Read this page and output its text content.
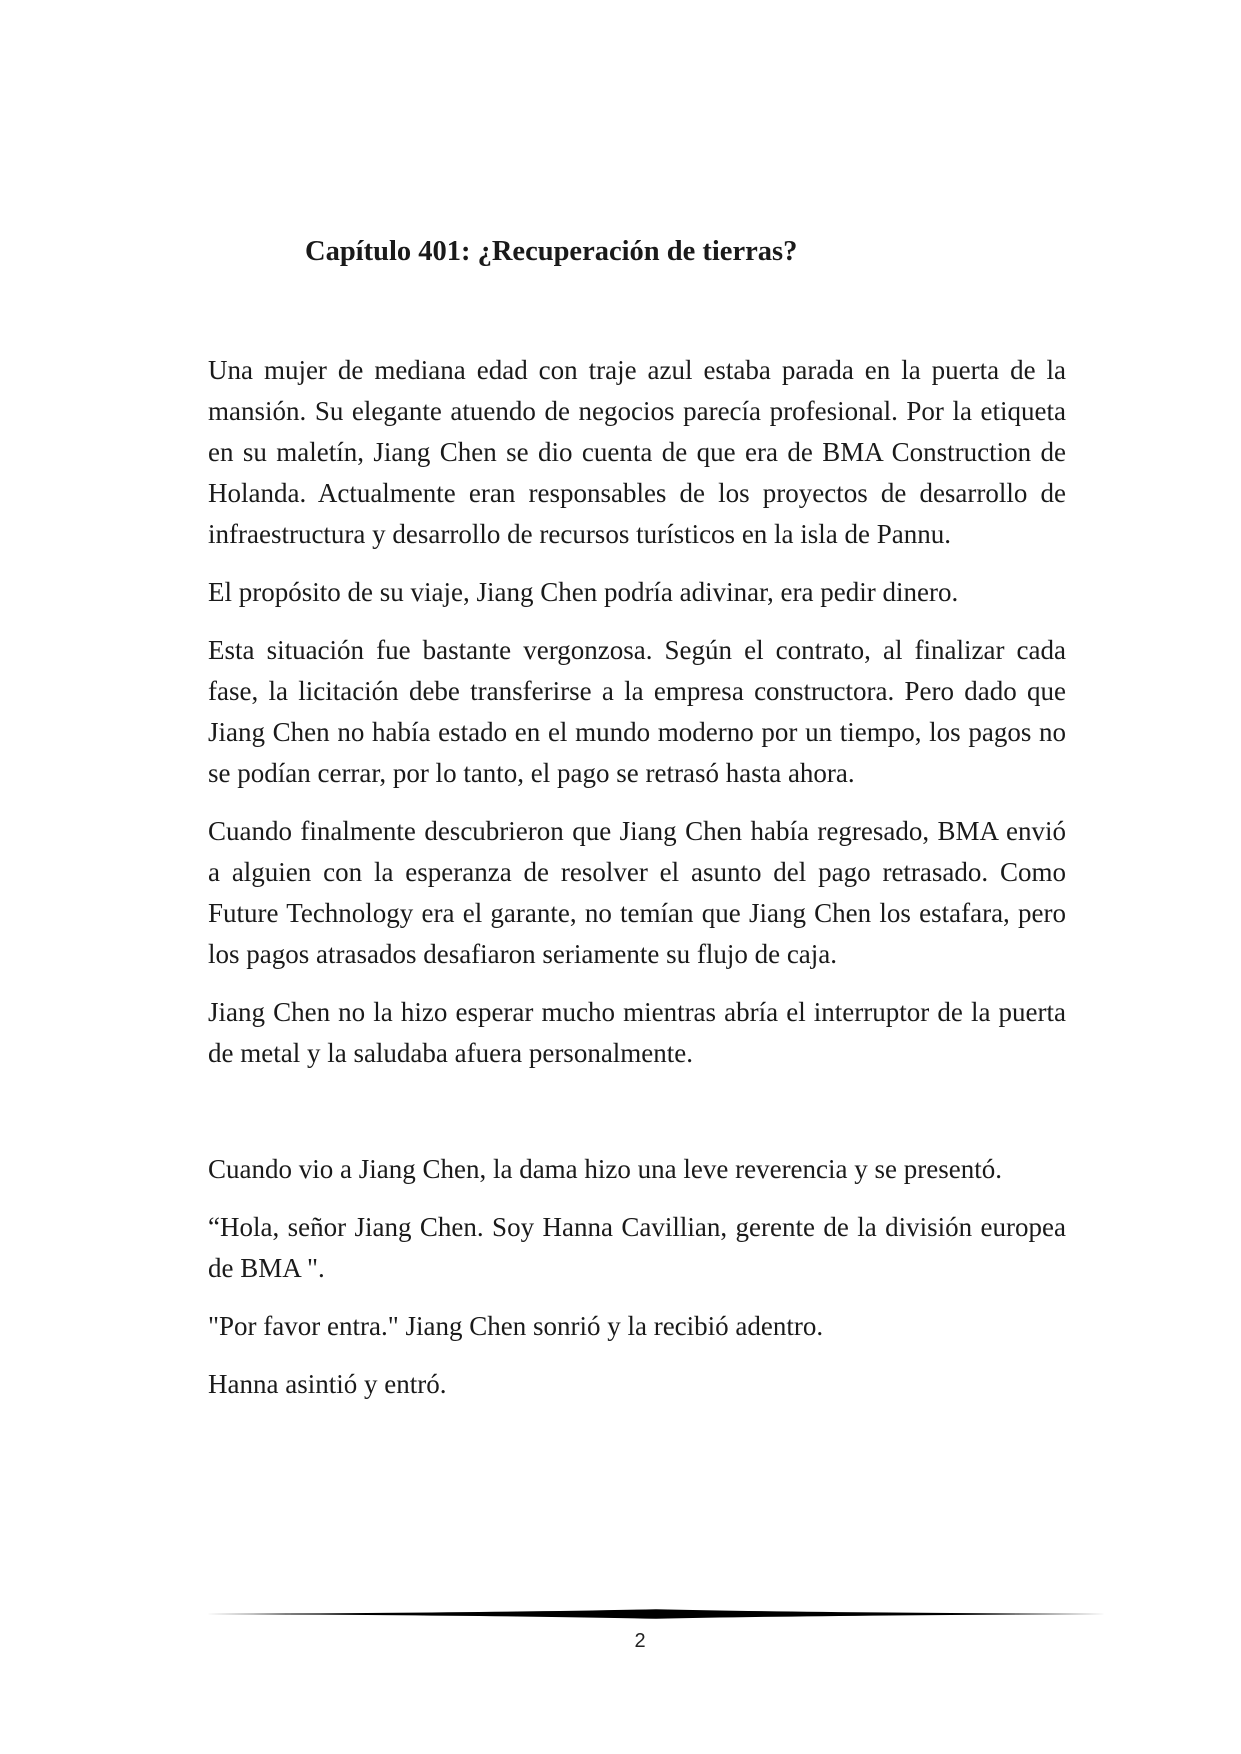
Capítulo 401: ¿Recuperación de tierras?

Una mujer de mediana edad con traje azul estaba parada en la puerta de la mansión. Su elegante atuendo de negocios parecía profesional. Por la etiqueta en su maletín, Jiang Chen se dio cuenta de que era de BMA Construction de Holanda. Actualmente eran responsables de los proyectos de desarrollo de infraestructura y desarrollo de recursos turísticos en la isla de Pannu.

El propósito de su viaje, Jiang Chen podría adivinar, era pedir dinero.

Esta situación fue bastante vergonzosa. Según el contrato, al finalizar cada fase, la licitación debe transferirse a la empresa constructora. Pero dado que Jiang Chen no había estado en el mundo moderno por un tiempo, los pagos no se podían cerrar, por lo tanto, el pago se retrasó hasta ahora.

Cuando finalmente descubrieron que Jiang Chen había regresado, BMA envió a alguien con la esperanza de resolver el asunto del pago retrasado. Como Future Technology era el garante, no temían que Jiang Chen los estafara, pero los pagos atrasados desafiaron seriamente su flujo de caja.

Jiang Chen no la hizo esperar mucho mientras abría el interruptor de la puerta de metal y la saludaba afuera personalmente.

Cuando vio a Jiang Chen, la dama hizo una leve reverencia y se presentó.

“Hola, señor Jiang Chen. Soy Hanna Cavillian, gerente de la división europea de BMA ".

"Por favor entra." Jiang Chen sonrió y la recibió adentro.

Hanna asintió y entró.

2
